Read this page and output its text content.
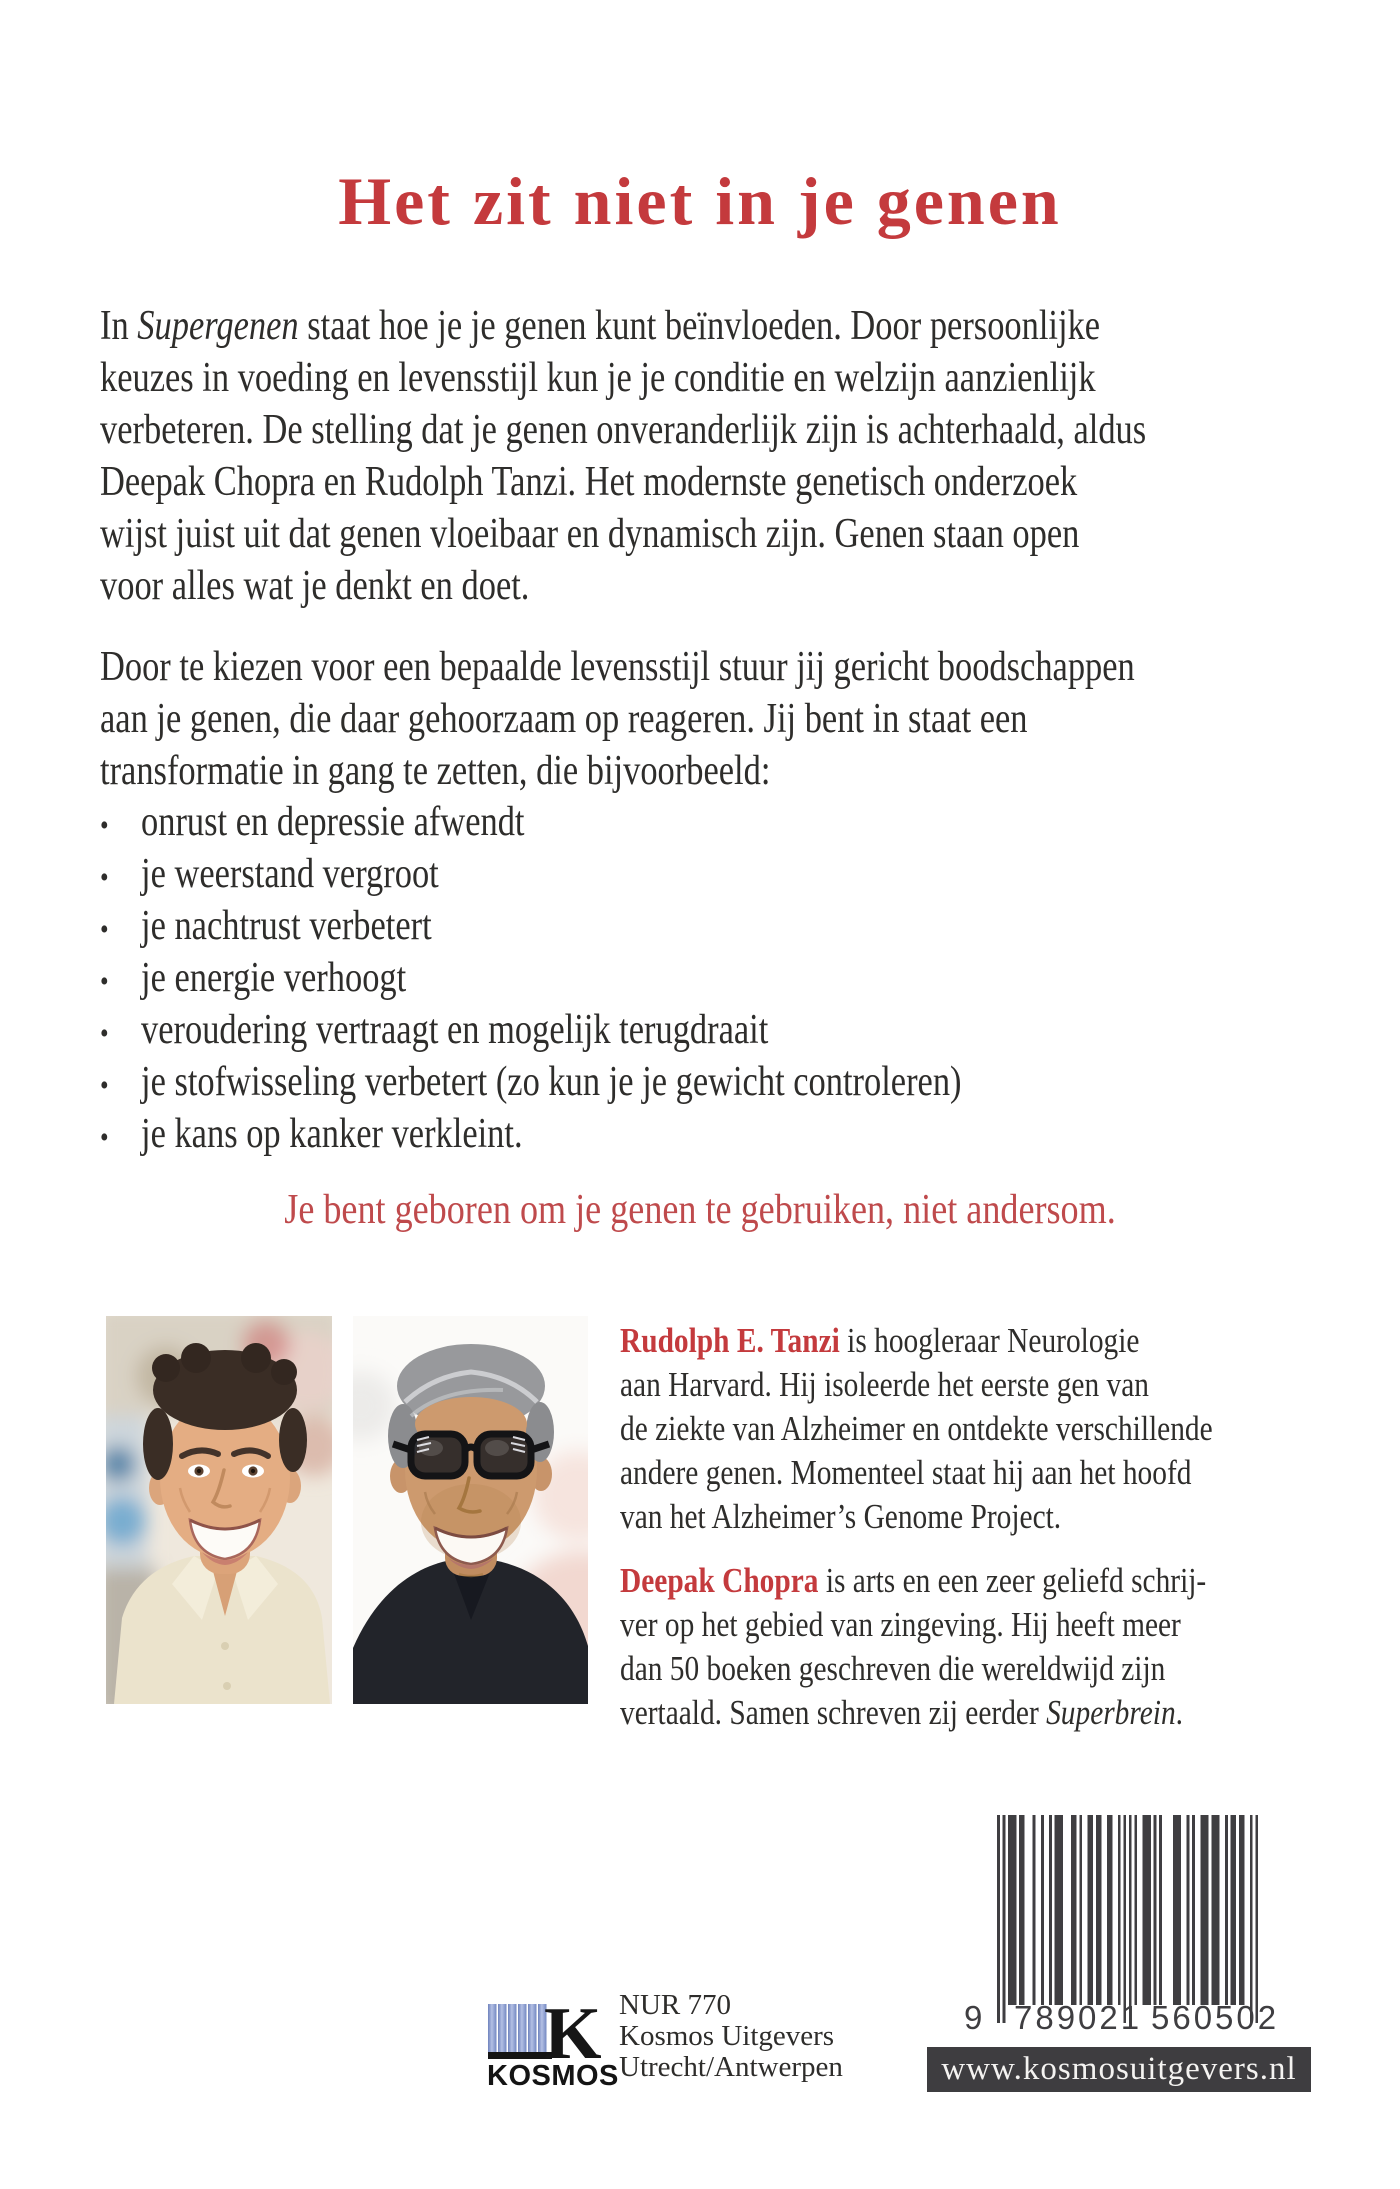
Het zit niet in je genen
In Supergenen staat hoe je je genen kunt beïnvloeden. Door persoonlijke
keuzes in voeding en levensstijl kun je je conditie en welzijn aanzienlijk
verbeteren. De stelling dat je genen onveranderlijk zijn is achterhaald, aldus
Deepak Chopra en Rudolph Tanzi. Het modernste genetisch onderzoek
wijst juist uit dat genen vloeibaar en dynamisch zijn. Genen staan open
voor alles wat je denkt en doet.
Door te kiezen voor een bepaalde levensstijl stuur jij gericht boodschappen
aan je genen, die daar gehoorzaam op reageren. Jij bent in staat een
transformatie in gang te zetten, die bijvoorbeeld:
• onrust en depressie afwendt
• je weerstand vergroot
• je nachtrust verbetert
• je energie verhoogt
• veroudering vertraagt en mogelijk terugdraait
• je stofwisseling verbetert (zo kun je je gewicht controleren)
• je kans op kanker verkleint.
Je bent geboren om je genen te gebruiken, niet andersom.
Rudolph E. Tanzi is hoogleraar Neurologie
aan Harvard. Hij isoleerde het eerste gen van
de ziekte van Alzheimer en ontdekte verschillende
andere genen. Momenteel staat hij aan het hoofd
van het Alzheimer’s Genome Project.
Deepak Chopra is arts en een zeer geliefd schrij-
ver op het gebied van zingeving. Hij heeft meer
dan 50 boeken geschreven die wereldwijd zijn
vertaald. Samen schreven zij eerder Superbrein.
K
KOSMOS
NUR 770
Kosmos Uitgevers
Utrecht/Antwerpen
9 789021 560502
www.kosmosuitgevers.nl
